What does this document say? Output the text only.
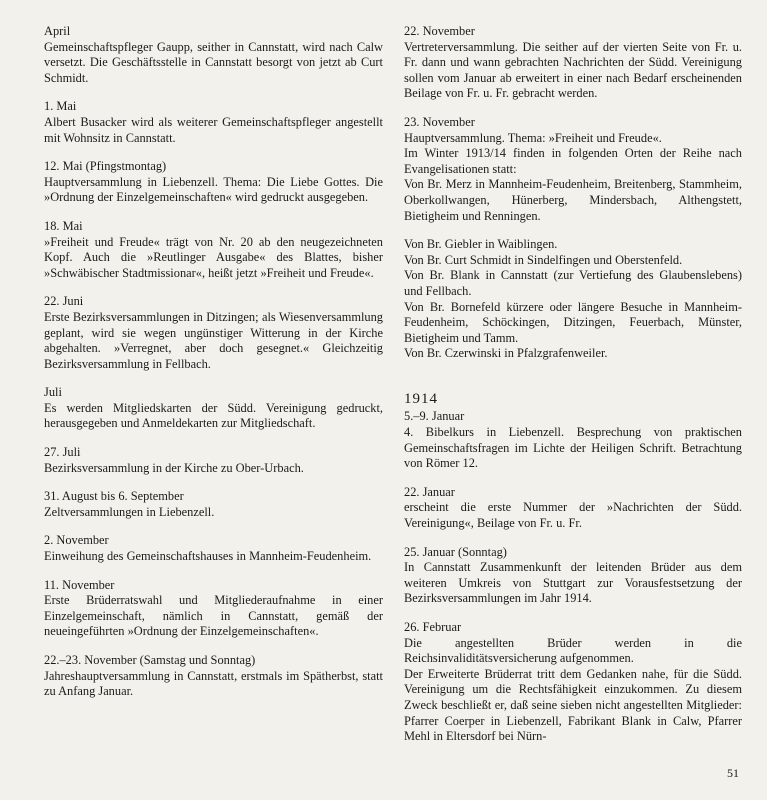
April
Gemeinschaftspfleger Gaupp, seither in Cannstatt, wird nach Calw versetzt. Die Geschäftsstelle in Cannstatt besorgt von jetzt ab Curt Schmidt.
1. Mai
Albert Busacker wird als weiterer Gemeinschaftspfleger angestellt mit Wohnsitz in Cannstatt.
12. Mai (Pfingstmontag)
Hauptversammlung in Liebenzell. Thema: Die Liebe Gottes. Die »Ordnung der Einzelgemeinschaften« wird gedruckt ausgegeben.
18. Mai
»Freiheit und Freude« trägt von Nr. 20 ab den neugezeichneten Kopf. Auch die »Reutlinger Ausgabe« des Blattes, bisher »Schwäbischer Stadtmissionar«, heißt jetzt »Freiheit und Freude«.
22. Juni
Erste Bezirksversammlungen in Ditzingen; als Wiesenversammlung geplant, wird sie wegen ungünstiger Witterung in der Kirche abgehalten. »Verregnet, aber doch gesegnet.« Gleichzeitig Bezirksversammlung in Fellbach.
Juli
Es werden Mitgliedskarten der Südd. Vereinigung gedruckt, herausgegeben und Anmeldekarten zur Mitgliedschaft.
27. Juli
Bezirksversammlung in der Kirche zu Ober-Urbach.
31. August bis 6. September
Zeltversammlungen in Liebenzell.
2. November
Einweihung des Gemeinschaftshauses in Mannheim-Feudenheim.
11. November
Erste Brüderratswahl und Mitgliederaufnahme in einer Einzelgemeinschaft, nämlich in Cannstatt, gemäß der neueingeführten »Ordnung der Einzelgemeinschaften«.
22.–23. November (Samstag und Sonntag)
Jahreshauptversammlung in Cannstatt, erstmals im Spätherbst, statt zu Anfang Januar.
22. November
Vertreterversammlung. Die seither auf der vierten Seite von Fr. u. Fr. dann und wann gebrachten Nachrichten der Südd. Vereinigung sollen vom Januar ab erweitert in einer nach Bedarf erscheinenden Beilage von Fr. u. Fr. gebracht werden.
23. November
Hauptversammlung. Thema: »Freiheit und Freude«.
Im Winter 1913/14 finden in folgenden Orten der Reihe nach Evangelisationen statt:
Von Br. Merz in Mannheim-Feudenheim, Breitenberg, Stammheim, Oberkollwangen, Hünerberg, Mindersbach, Althengstett, Bietigheim und Renningen.
Von Br. Giebler in Waiblingen.
Von Br. Curt Schmidt in Sindelfingen und Oberstenfeld.
Von Br. Blank in Cannstatt (zur Vertiefung des Glaubenslebens) und Fellbach.
Von Br. Bornefeld kürzere oder längere Besuche in Mannheim-Feudenheim, Schöckingen, Ditzingen, Feuerbach, Münster, Bietigheim und Tamm.
Von Br. Czerwinski in Pfalzgrafenweiler.
1914
5.–9. Januar
4. Bibelkurs in Liebenzell. Besprechung von praktischen Gemeinschaftsfragen im Lichte der Heiligen Schrift. Betrachtung von Römer 12.
22. Januar
erscheint die erste Nummer der »Nachrichten der Südd. Vereinigung«, Beilage von Fr. u. Fr.
25. Januar (Sonntag)
In Cannstatt Zusammenkunft der leitenden Brüder aus dem weiteren Umkreis von Stuttgart zur Vorausfestsetzung der Bezirksversammlungen im Jahr 1914.
26. Februar
Die angestellten Brüder werden in die Reichsinvaliditätsversicherung aufgenommen.
Der Erweiterte Brüderrat tritt dem Gedanken nahe, für die Südd. Vereinigung um die Rechtsfähigkeit einzukommen. Zu diesem Zweck beschließt er, daß seine sieben nicht angestellten Mitglieder: Pfarrer Coerper in Liebenzell, Fabrikant Blank in Calw, Pfarrer Mehl in Eltersdorf bei Nürn-
51
